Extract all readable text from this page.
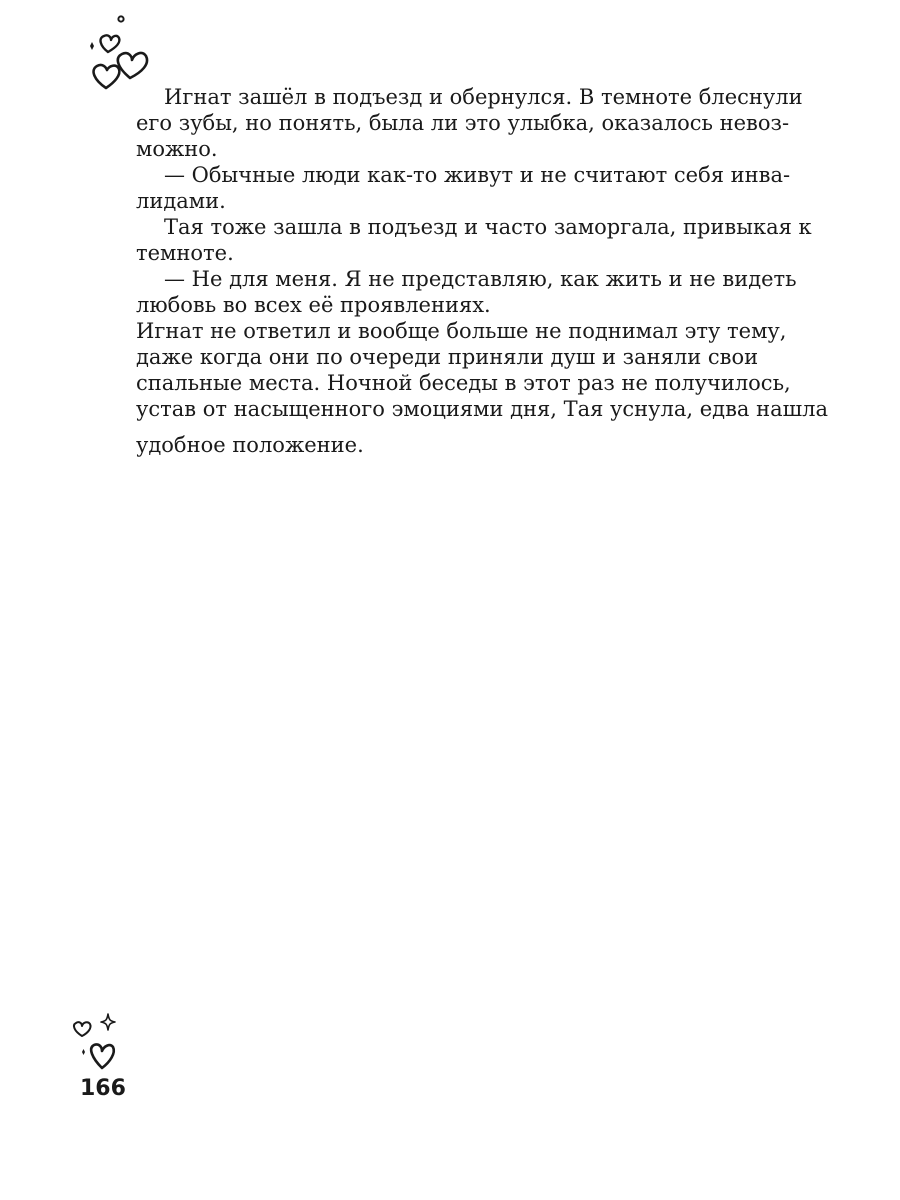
Игнат зашёл в подъезд и обернулся. В темноте блеснули
его зубы, но понять, была ли это улыбка, оказалось невоз-
можно.
— Обычные люди как-то живут и не считают себя инва-
лидами.
Тая тоже зашла в подъезд и часто заморгала, привыкая к
темноте.
— Не для меня. Я не представляю, как жить и не видеть
любовь во всех её проявлениях.
Игнат не ответил и вообще больше не поднимал эту тему,
даже когда они по очереди приняли душ и заняли свои
спальные места. Ночной беседы в этот раз не получилось,
устав от насыщенного эмоциями дня, Тая уснула, едва нашла
удобное положение.
166
